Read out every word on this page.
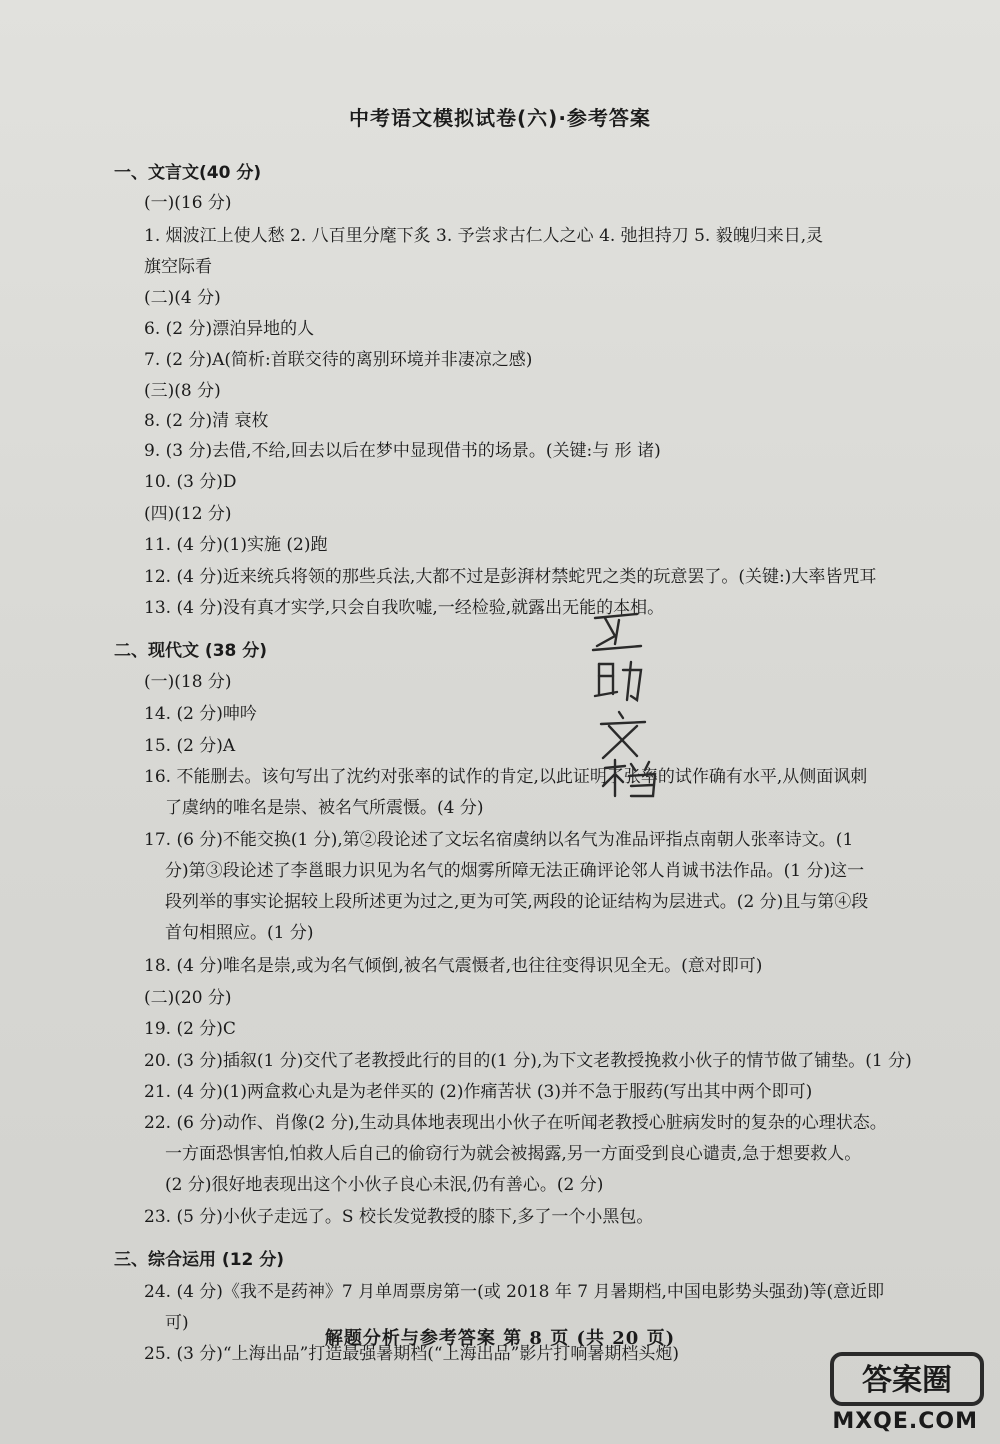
中考语文模拟试卷(六)·参考答案
一、文言文(40 分)
(一)(16 分)
1. 烟波江上使人愁 2. 八百里分麾下炙 3. 予尝求古仁人之心 4. 弛担持刀 5. 毅魄归来日,灵
旗空际看
(二)(4 分)
6. (2 分)漂泊异地的人
7. (2 分)A(简析:首联交待的离别环境并非凄凉之感)
(三)(8 分)
8. (2 分)清 衰枚
9. (3 分)去借,不给,回去以后在梦中显现借书的场景。(关键:与 形 诸)
10. (3 分)D
(四)(12 分)
11. (4 分)(1)实施 (2)跑
12. (4 分)近来统兵将领的那些兵法,大都不过是彭湃材禁蛇咒之类的玩意罢了。(关键:)大率皆咒耳
13. (4 分)没有真才实学,只会自我吹嘘,一经检验,就露出无能的本相。
二、现代文 (38 分)
(一)(18 分)
14. (2 分)呻吟
15. (2 分)A
16. 不能删去。该句写出了沈约对张率的试作的肯定,以此证明了张率的试作确有水平,从侧面讽刺
了虞纳的唯名是崇、被名气所震慑。(4 分)
17. (6 分)不能交换(1 分),第②段论述了文坛名宿虞纳以名气为准品评指点南朝人张率诗文。(1
分)第③段论述了李邕眼力识见为名气的烟雾所障无法正确评论邻人肖诚书法作品。(1 分)这一
段列举的事实论据较上段所述更为过之,更为可笑,两段的论证结构为层进式。(2 分)且与第④段
首句相照应。(1 分)
18. (4 分)唯名是崇,或为名气倾倒,被名气震慑者,也往往变得识见全无。(意对即可)
(二)(20 分)
19. (2 分)C
20. (3 分)插叙(1 分)交代了老教授此行的目的(1 分),为下文老教授挽救小伙子的情节做了铺垫。(1 分)
21. (4 分)(1)两盒救心丸是为老伴买的 (2)作痛苦状 (3)并不急于服药(写出其中两个即可)
22. (6 分)动作、肖像(2 分),生动具体地表现出小伙子在听闻老教授心脏病发时的复杂的心理状态。
一方面恐惧害怕,怕救人后自己的偷窃行为就会被揭露,另一方面受到良心谴责,急于想要救人。
(2 分)很好地表现出这个小伙子良心未泯,仍有善心。(2 分)
23. (5 分)小伙子走远了。S 校长发觉教授的膝下,多了一个小黑包。
三、综合运用 (12 分)
24. (4 分)《我不是药神》7 月单周票房第一(或 2018 年 7 月暑期档,中国电影势头强劲)等(意近即
可)
25. (3 分)“上海出品”打造最强暑期档(“上海出品”影片打响暑期档头炮)
解题分析与参考答案 第 8 页 (共 20 页)
答案圈
MXQE.COM
